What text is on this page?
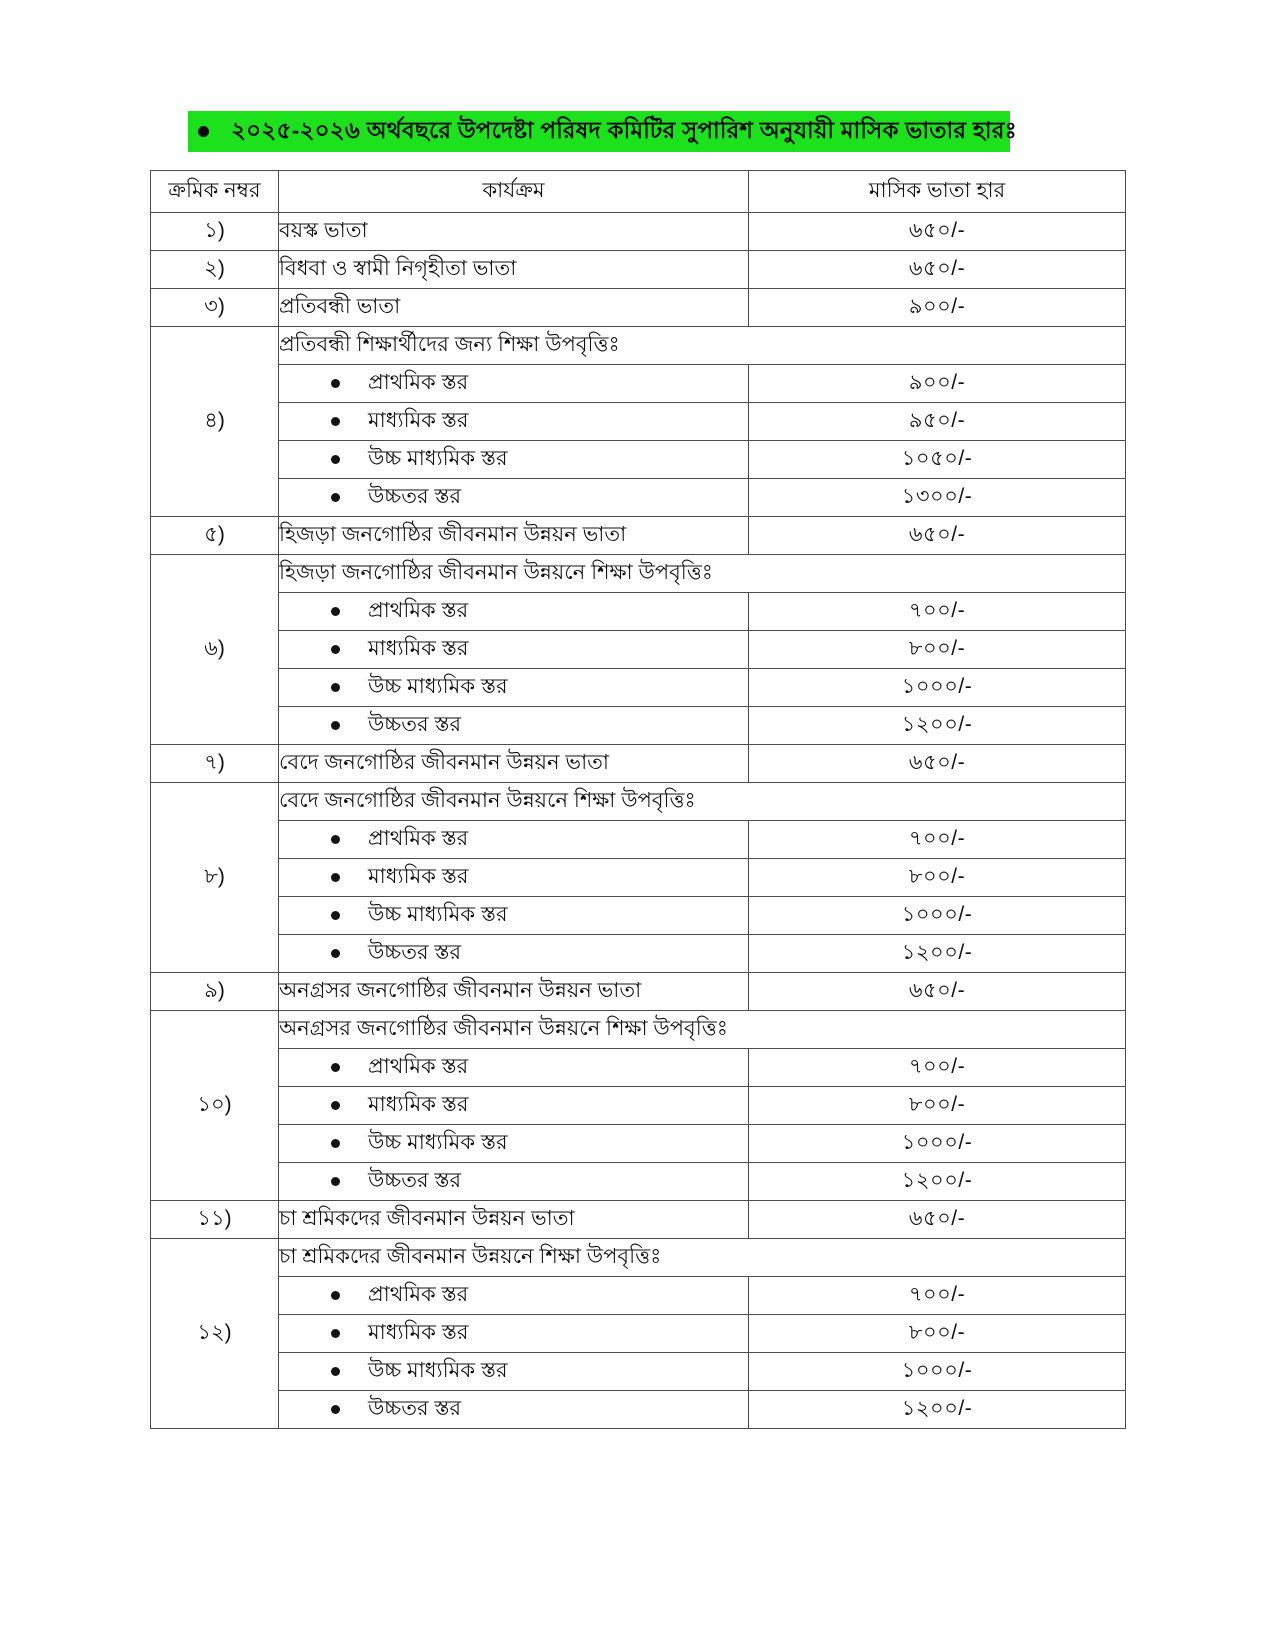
২০২৫-২০২৬ অর্থবছরে উপদেষ্টা পরিষদ কমিটির সুপারিশ অনুযায়ী মাসিক ভাতার হারঃ
ক্রমিক নম্বর	কার্যক্রম	মাসিক ভাতা হার
১)	বয়স্ক ভাতা	৬৫০/-
২)	বিধবা ও স্বামী নিগৃহীতা ভাতা	৬৫০/-
৩)	প্রতিবন্ধী ভাতা	৯০০/-
৪)	প্রতিবন্ধী শিক্ষার্থীদের জন্য শিক্ষা উপবৃত্তিঃ	

	প্রাথমিক স্তর	৯০০/-

	মাধ্যমিক স্তর	৯৫০/-

	উচ্চ মাধ্যমিক স্তর	১০৫০/-

	উচ্চতর স্তর	১৩০০/-
৫)	হিজড়া জনগোষ্ঠির জীবনমান উন্নয়ন ভাতা	৬৫০/-
৬)	হিজড়া জনগোষ্ঠির জীবনমান উন্নয়নে শিক্ষা উপবৃত্তিঃ	

	প্রাথমিক স্তর	৭০০/-

	মাধ্যমিক স্তর	৮০০/-

	উচ্চ মাধ্যমিক স্তর	১০০০/-

	উচ্চতর স্তর	১২০০/-
৭)	বেদে জনগোষ্ঠির জীবনমান উন্নয়ন ভাতা	৬৫০/-
৮)	বেদে জনগোষ্ঠির জীবনমান উন্নয়নে শিক্ষা উপবৃত্তিঃ	

	প্রাথমিক স্তর	৭০০/-

	মাধ্যমিক স্তর	৮০০/-

	উচ্চ মাধ্যমিক স্তর	১০০০/-

	উচ্চতর স্তর	১২০০/-
৯)	অনগ্রসর জনগোষ্ঠির জীবনমান উন্নয়ন ভাতা	৬৫০/-
১০)	অনগ্রসর জনগোষ্ঠির জীবনমান উন্নয়নে শিক্ষা উপবৃত্তিঃ	

	প্রাথমিক স্তর	৭০০/-

	মাধ্যমিক স্তর	৮০০/-

	উচ্চ মাধ্যমিক স্তর	১০০০/-

	উচ্চতর স্তর	১২০০/-
১১)	চা শ্রমিকদের জীবনমান উন্নয়ন ভাতা	৬৫০/-
১২)	চা শ্রমিকদের জীবনমান উন্নয়নে শিক্ষা উপবৃত্তিঃ	

	প্রাথমিক স্তর	৭০০/-

	মাধ্যমিক স্তর	৮০০/-

	উচ্চ মাধ্যমিক স্তর	১০০০/-

	উচ্চতর স্তর	১২০০/-
